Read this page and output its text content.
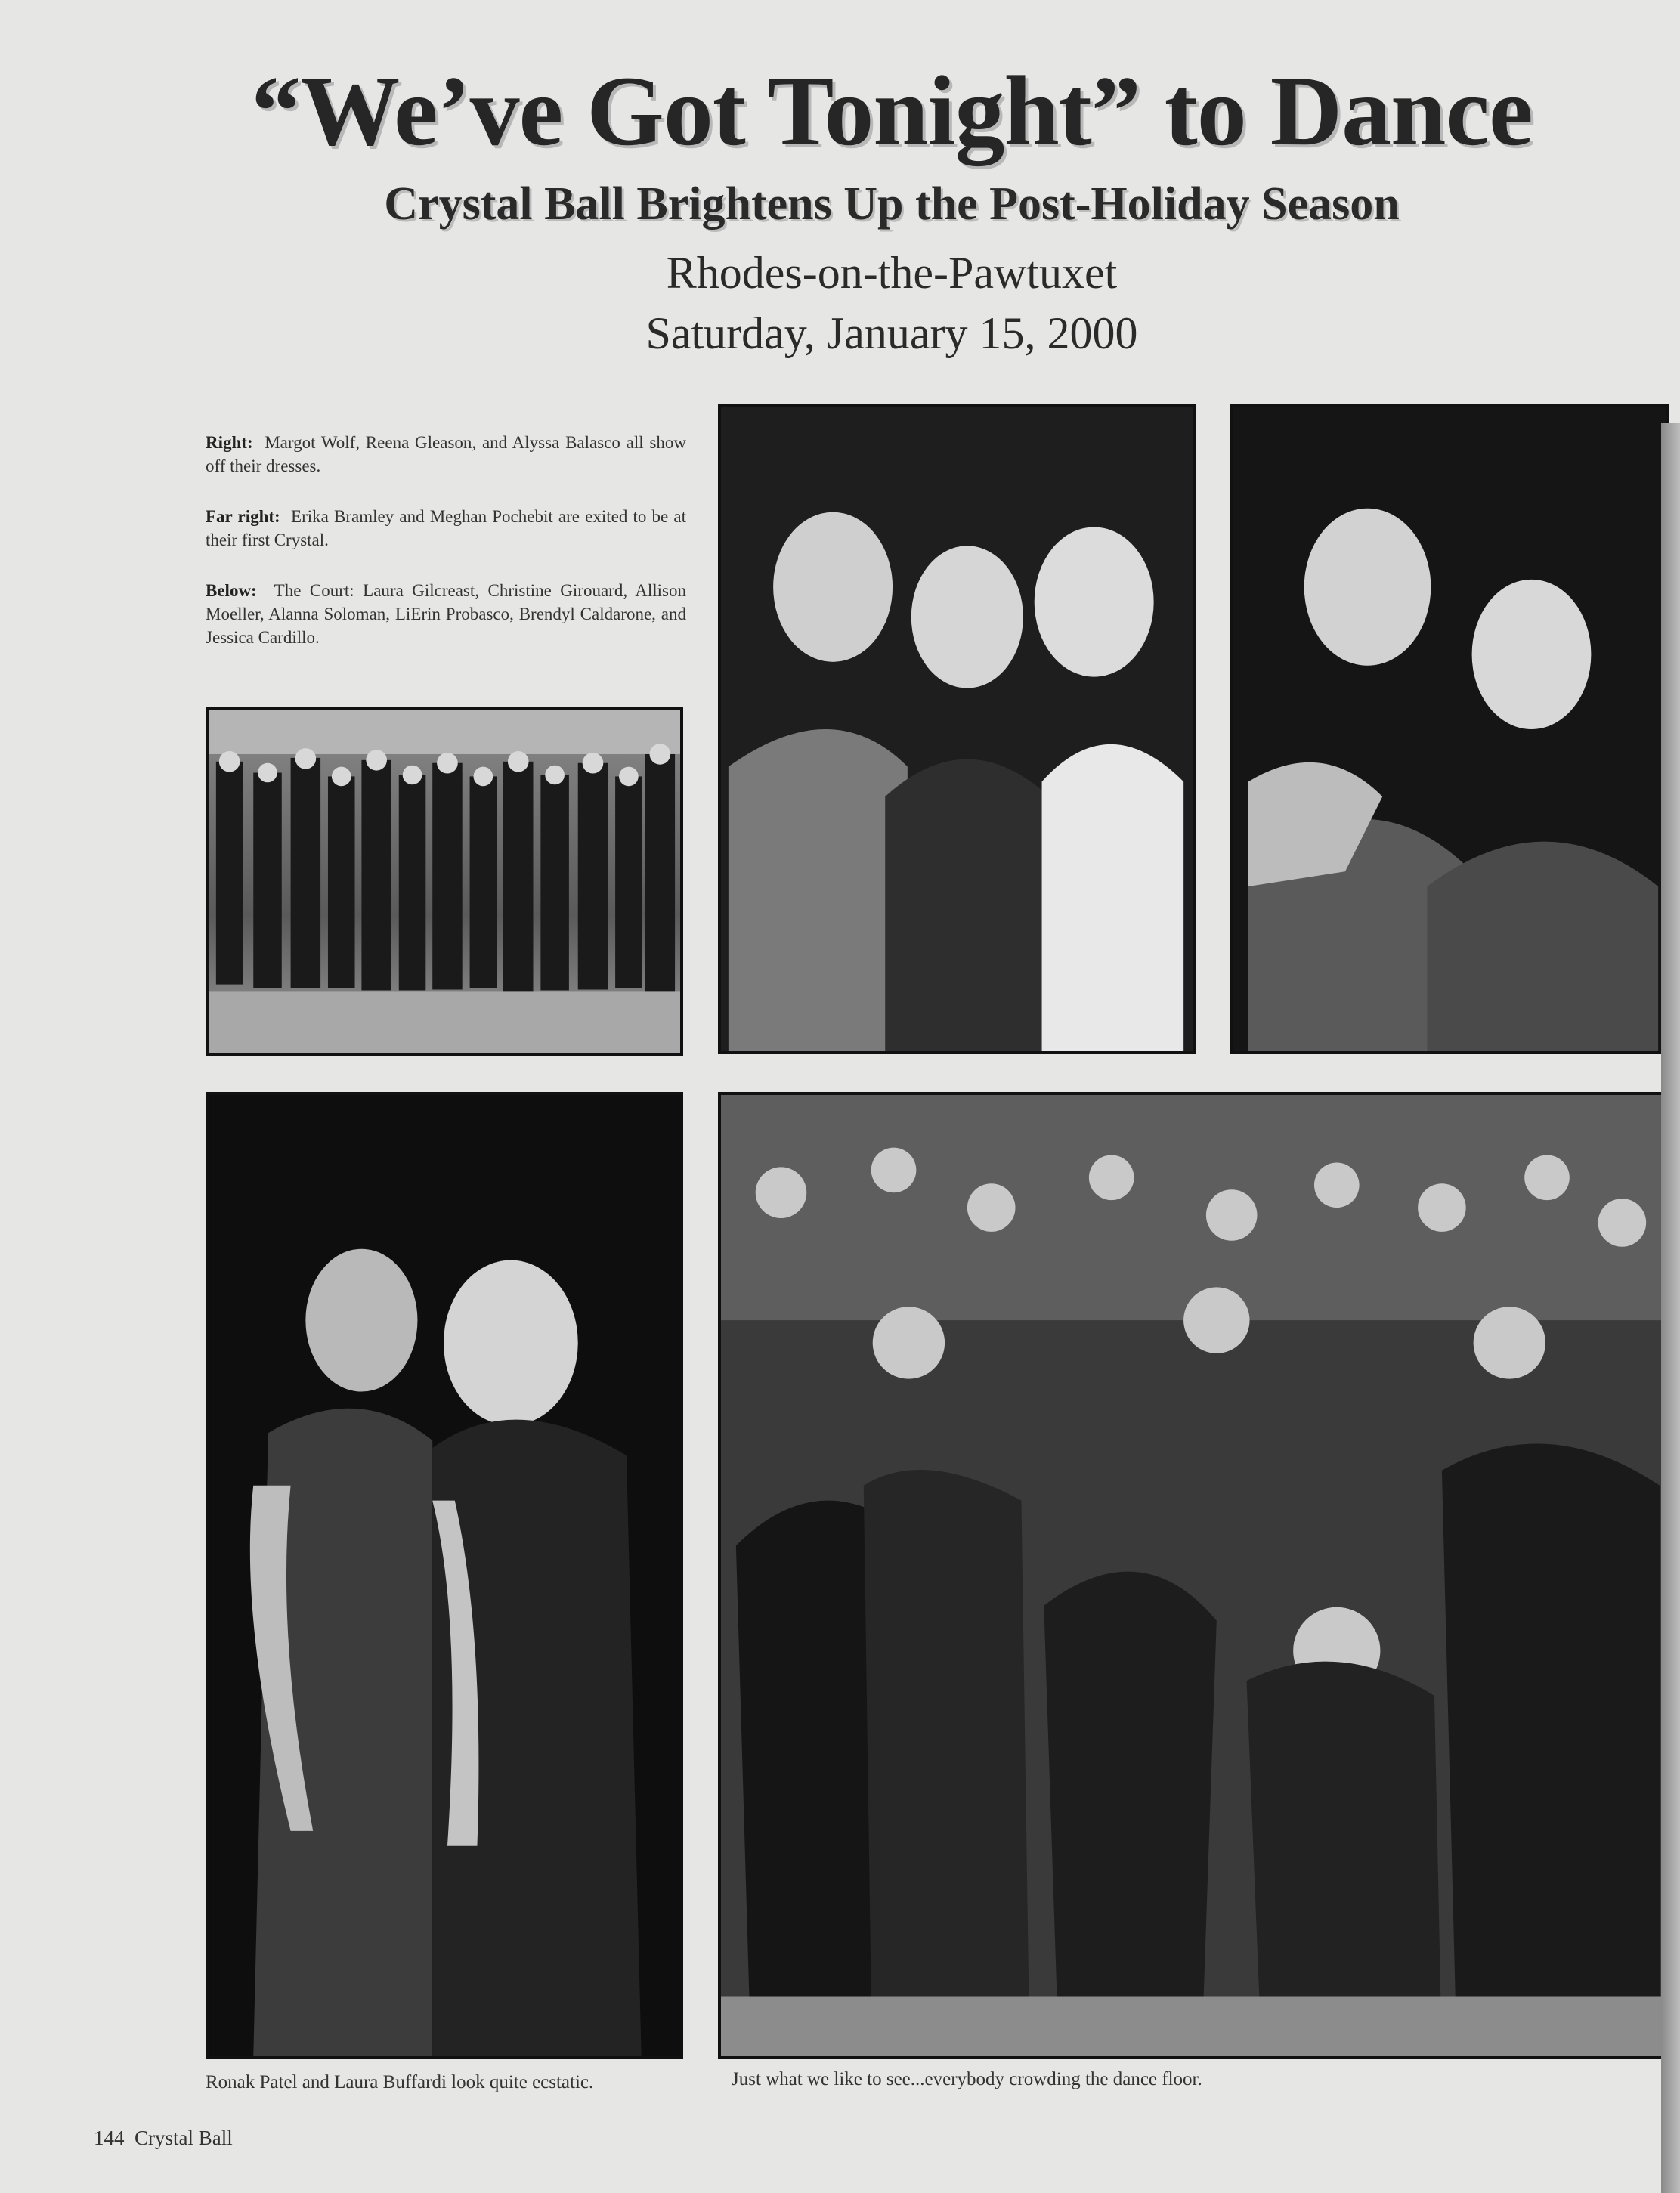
“We’ve Got Tonight” to Dance
Crystal Ball Brightens Up the Post-Holiday Season
Rhodes-on-the-Pawtuxet
Saturday, January 15, 2000

Right: Margot Wolf, Reena Gleason, and Alyssa Balasco all show off their dresses.

Far right: Erika Bramley and Meghan Pochebit are exited to be at their first Crystal.

Below: The Court: Laura Gilcreast, Christine Girouard, Allison Moeller, Alanna Soloman, LiErin Probasco, Brendyl Caldarone, and Jessica Cardillo.

Ronak Patel and Laura Buffardi look quite ecstatic.	Just what we like to see...everybody crowding the dance floor.
144 Crystal Ball
